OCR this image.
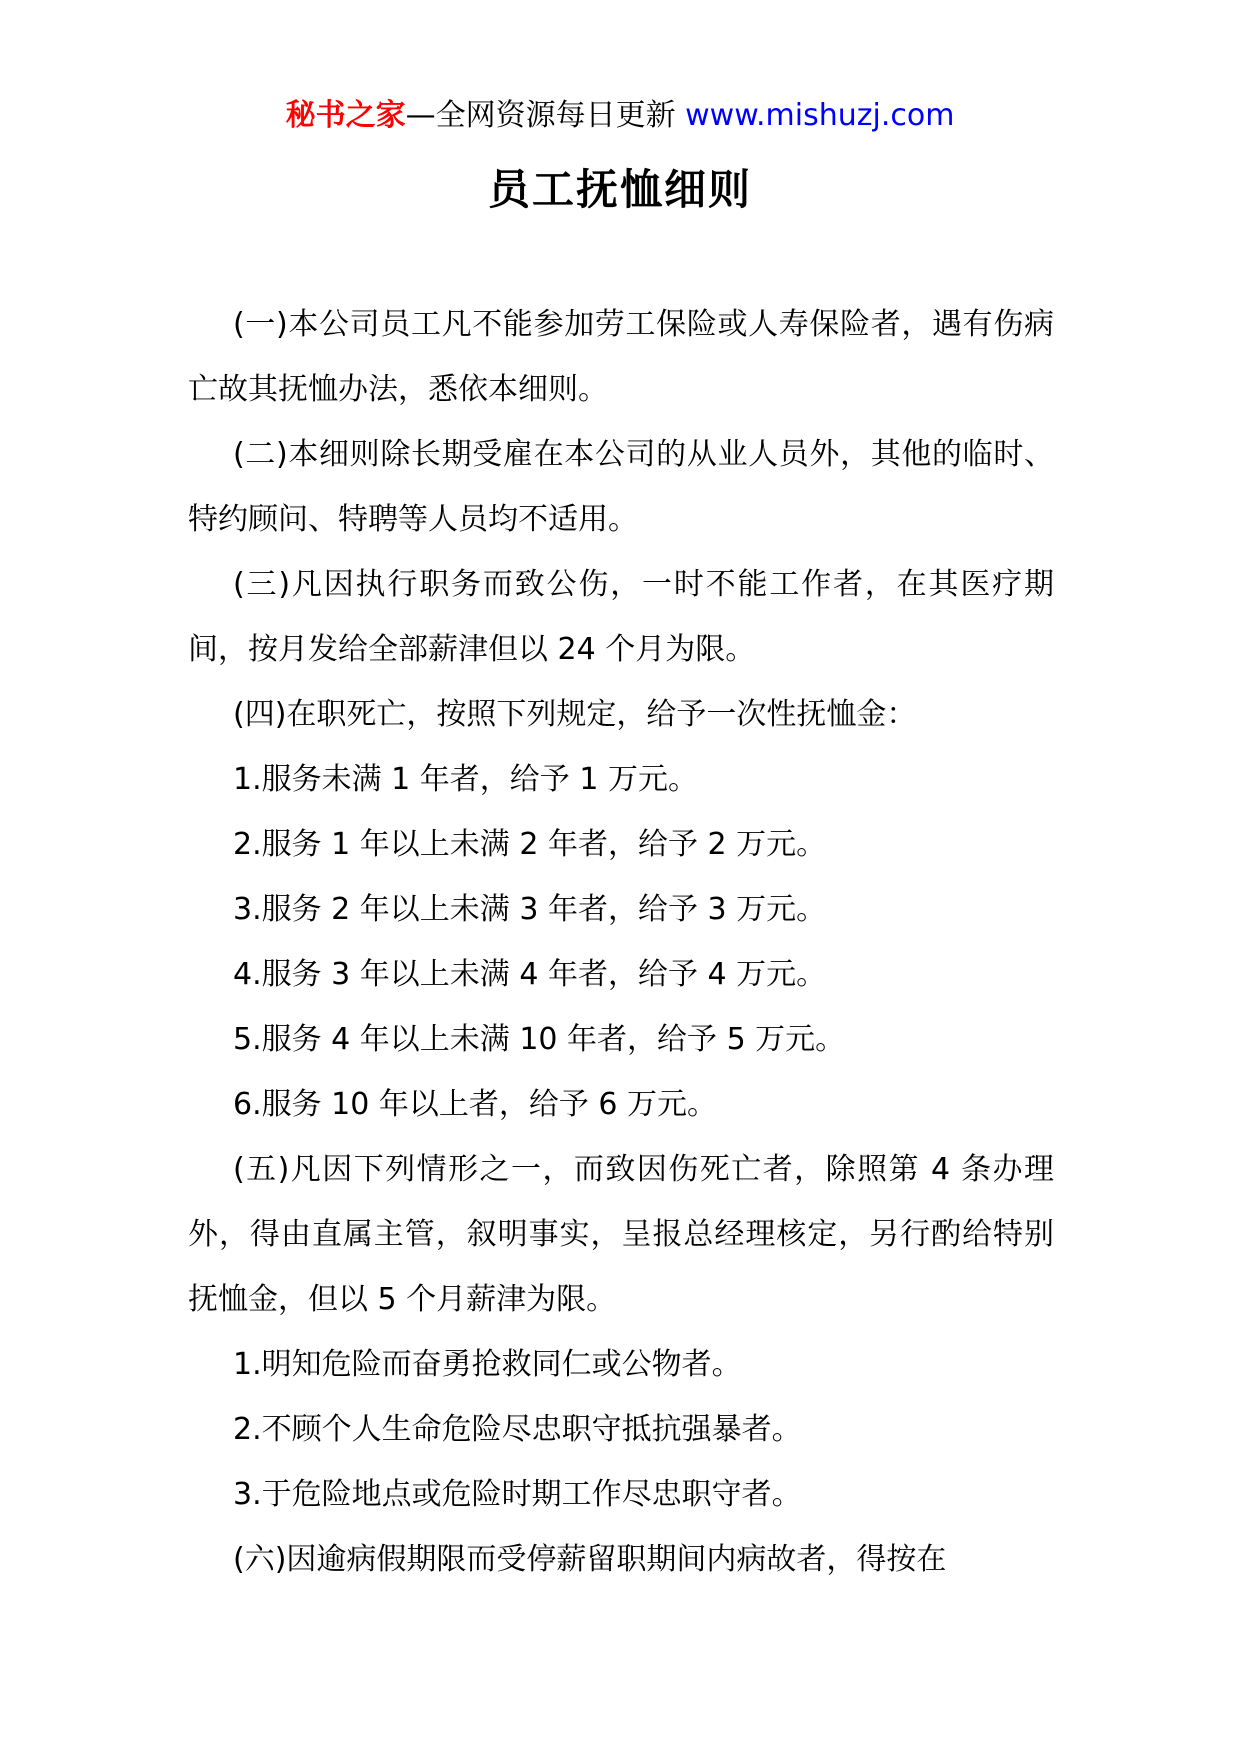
秘书之家—全网资源每日更新 www.mishuzj.com
员工抚恤细则

(一)本公司员工凡不能参加劳工保险或人寿保险者，遇有伤病亡故其抚恤办法，悉依本细则。

(二)本细则除长期受雇在本公司的从业人员外，其他的临时、特约顾问、特聘等人员均不适用。

(三)凡因执行职务而致公伤，一时不能工作者，在其医疗期间，按月发给全部薪津但以 24 个月为限。

(四)在职死亡，按照下列规定，给予一次性抚恤金：

1.服务未满 1 年者，给予 1 万元。

2.服务 1 年以上未满 2 年者，给予 2 万元。

3.服务 2 年以上未满 3 年者，给予 3 万元。

4.服务 3 年以上未满 4 年者，给予 4 万元。

5.服务 4 年以上未满 10 年者，给予 5 万元。

6.服务 10 年以上者，给予 6 万元。

(五)凡因下列情形之一，而致因伤死亡者，除照第 4 条办理外，得由直属主管，叙明事实，呈报总经理核定，另行酌给特别抚恤金，但以 5 个月薪津为限。

1.明知危险而奋勇抢救同仁或公物者。

2.不顾个人生命危险尽忠职守抵抗强暴者。

3.于危险地点或危险时期工作尽忠职守者。

(六)因逾病假期限而受停薪留职期间内病故者，得按在
